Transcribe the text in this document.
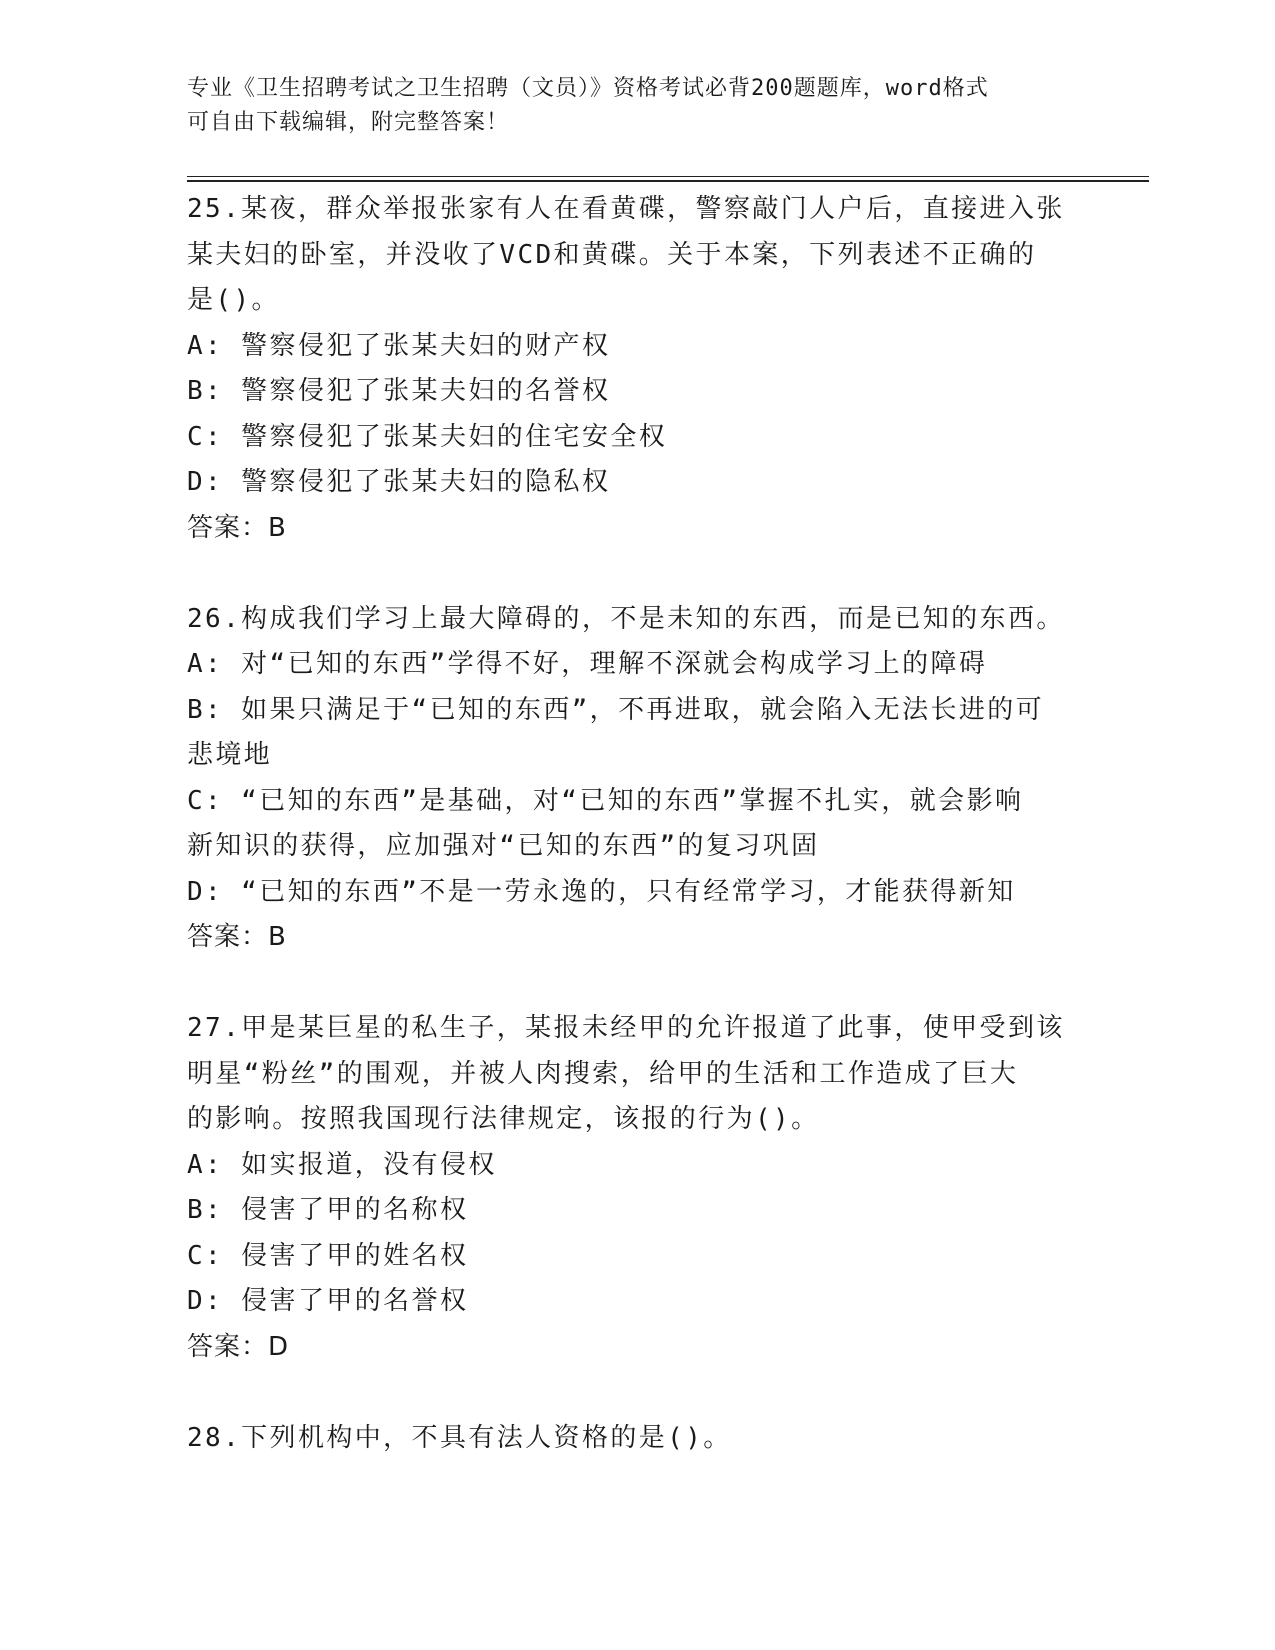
专业《卫生招聘考试之卫生招聘（文员）》资格考试必背200题题库，word格式
可自由下载编辑，附完整答案！
25.某夜，群众举报张家有人在看黄碟，警察敲门人户后，直接进入张
某夫妇的卧室，并没收了VCD和黄碟。关于本案，下列表述不正确的
是()。
A: 警察侵犯了张某夫妇的财产权
B: 警察侵犯了张某夫妇的名誉权
C: 警察侵犯了张某夫妇的住宅安全权
D: 警察侵犯了张某夫妇的隐私权
答案：B
26.构成我们学习上最大障碍的，不是未知的东西，而是已知的东西。
A: 对“已知的东西”学得不好，理解不深就会构成学习上的障碍
B: 如果只满足于“已知的东西”，不再进取，就会陷入无法长进的可
悲境地
C: “已知的东西”是基础，对“已知的东西”掌握不扎实，就会影响
新知识的获得，应加强对“已知的东西”的复习巩固
D: “已知的东西”不是一劳永逸的，只有经常学习，才能获得新知
答案：B
27.甲是某巨星的私生子，某报未经甲的允许报道了此事，使甲受到该
明星“粉丝”的围观，并被人肉搜索，给甲的生活和工作造成了巨大
的影响。按照我国现行法律规定，该报的行为()。
A: 如实报道，没有侵权
B: 侵害了甲的名称权
C: 侵害了甲的姓名权
D: 侵害了甲的名誉权
答案：D
28.下列机构中，不具有法人资格的是()。
